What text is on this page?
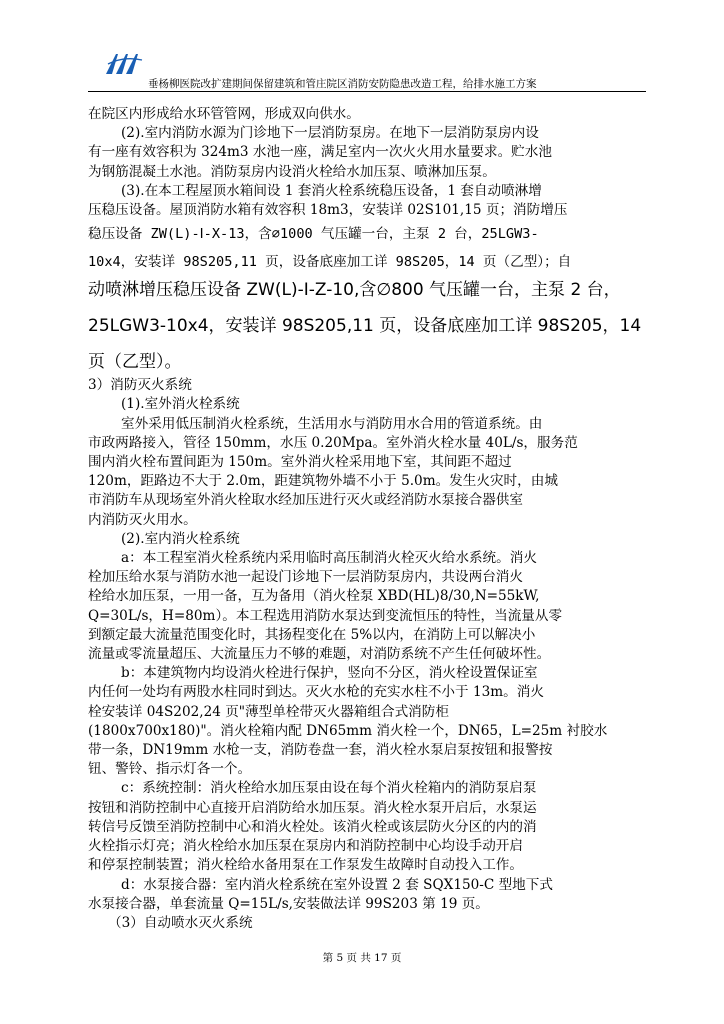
垂杨柳医院改扩建期间保留建筑和管庄院区消防安防隐患改造工程，给排水施工方案

在院区内形成给水环管管网，形成双向供水。

(2).室内消防水源为门诊地下一层消防泵房。在地下一层消防泵房内设

有一座有效容积为 324m3 水池一座，满足室内一次火火用水量要求。贮水池

为钢筋混凝土水池。消防泵房内设消火栓给水加压泵、喷淋加压泵。

(3).在本工程屋顶水箱间设 1 套消火栓系统稳压设备，1 套自动喷淋增

压稳压设备。屋顶消防水箱有效容积 18m3，安装详 02S101,15 页；消防增压

稳压设备 ZW(L)-Ⅰ-X-13，含∅1000 气压罐一台，主泵 2 台，25LGW3-

10x4，安装详 98S205,11 页，设备底座加工详 98S205，14 页（乙型）；自

动喷淋增压稳压设备 ZW(L)-I-Z-10,含∅800 气压罐一台，主泵 2 台，

25LGW3-10x4，安装详 98S205,11 页，设备底座加工详 98S205，14

页（乙型）。

3）消防灭火系统

(1).室外消火栓系统

室外采用低压制消火栓系统，生活用水与消防用水合用的管道系统。由

市政两路接入，管径 150mm，水压 0.20Mpa。室外消火栓水量 40L/s，服务范

围内消火栓布置间距为 150m。室外消火栓采用地下室，其间距不超过

120m，距路边不大于 2.0m，距建筑物外墙不小于 5.0m。发生火灾时，由城

市消防车从现场室外消火栓取水经加压进行灭火或经消防水泵接合器供室

内消防灭火用水。

(2).室内消火栓系统

a：本工程室消火栓系统内采用临时高压制消火栓灭火给水系统。消火

栓加压给水泵与消防水池一起设门诊地下一层消防泵房内，共设两台消火

栓给水加压泵，一用一备，互为备用（消火栓泵 XBD(HL)8/30,N=55kW,

Q=30L/s，H=80m）。本工程选用消防水泵达到变流恒压的特性，当流量从零

到额定最大流量范围变化时，其扬程变化在 5%以内，在消防上可以解决小

流量或零流量超压、大流量压力不够的难题，对消防系统不产生任何破坏性。

b：本建筑物内均设消火栓进行保护，竖向不分区，消火栓设置保证室

内任何一处均有两股水柱同时到达。灭火水枪的充实水柱不小于 13m。消火

栓安装详 04S202,24 页"薄型单栓带灭火器箱组合式消防柜

(1800x700x180)"。消火栓箱内配 DN65mm 消火栓一个，DN65，L=25m 衬胶水

带一条，DN19mm 水枪一支，消防卷盘一套，消火栓水泵启泵按钮和报警按

钮、警铃、指示灯各一个。

c：系统控制：消火栓给水加压泵由设在每个消火栓箱内的消防泵启泵

按钮和消防控制中心直接开启消防给水加压泵。消火栓水泵开启后，水泵运

转信号反馈至消防控制中心和消火栓处。该消火栓或该层防火分区的内的消

火栓指示灯亮；消火栓给水加压泵在泵房内和消防控制中心均设手动开启

和停泵控制装置；消火栓给水备用泵在工作泵发生故障时自动投入工作。

d：水泵接合器：室内消火栓系统在室外设置 2 套 SQX150-C 型地下式

水泵接合器，单套流量 Q=15L/s,安装做法详 99S203 第 19 页。

（3）自动喷水灭火系统

第 5 页 共 17 页
